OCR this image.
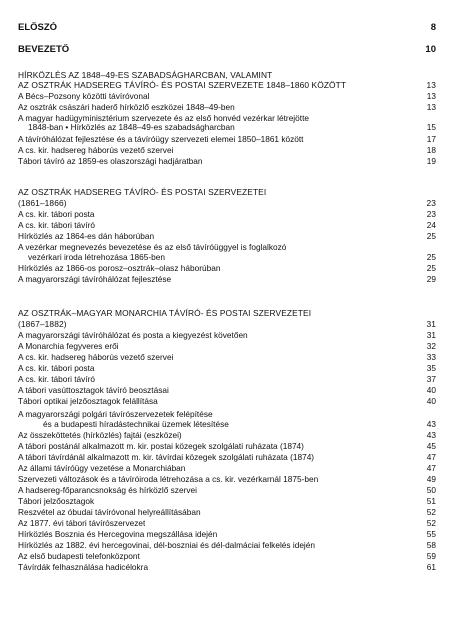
ELŐSZÓ	8
BEVEZETŐ	10
HÍRKÖZLÉS AZ 1848–49-ES SZABADSÁGHARCBAN, VALAMINT
AZ OSZTRÁK HADSEREG TÁVÍRÓ- ÉS POSTAI SZERVEZETE 1848–1860 KÖZÖTT	13
A Bécs–Pozsony közötti távíróvonal	13
Az osztrák császári haderő hírközlő eszközei 1848–49-ben	13
A magyar hadügyminisztérium szervezete és az első honvéd vezérkar létrejötte
1848-ban • Hírközlés az 1848–49-es szabadságharcban	15
A távíróhálózat fejlesztése és a távíróügy szervezeti elemei 1850–1861 között	17
A cs. kir. hadsereg háborús vezető szervei	18
Tábori távíró az 1859-es olaszországi hadjáratban	19
AZ OSZTRÁK HADSEREG TÁVÍRÓ- ÉS POSTAI SZERVEZETEI
(1861–1866)	23
A cs. kir. tábori posta	23
A cs. kir. tábori távíró	24
Hírközlés az 1864-es dán háborúban	25
A vezérkar megnevezés bevezetése és az első távíróüggyel is foglalkozó
vezérkari iroda létrehozása 1865-ben	25
Hírközlés az 1866-os porosz–osztrák–olasz háborúban	25
A magyarországi távíróhálózat fejlesztése	29
AZ OSZTRÁK–MAGYAR MONARCHIA TÁVÍRÓ- ÉS POSTAI SZERVEZETEI
(1867–1882)	31
A magyarországi távíróhálózat és posta a kiegyezést követően	31
A Monarchia fegyveres erői	32
A cs. kir. hadsereg háborús vezető szervei	33
A cs. kir. tábori posta	35
A cs. kir. tábori távíró	37
A tábori vasúttosztagok távíró beosztásai	40
Tábori optikai jelzőosztagok felállítása	40
A magyarországi polgári távírószervezetek felépítése
és a budapesti híradástechnikai üzemek létesítése	43
Az összeköttetés (hírközlés) fajtái (eszközei)	43
A tábori postánál alkalmazott m. kir. postai közegek szolgálati ruházata (1874)	45
A tábori távírdánál alkalmazott m. kir. távírdai közegek szolgálati ruházata (1874)	47
Az állami távíróügy vezetése a Monarchiában	47
Szervezeti változások és a távíróiroda létrehozása a cs. kir. vezérkarnál 1875-ben	49
A hadsereg-főparancsnokság és hírközlő szervei	50
Tábori jelzőosztagok	51
Reszvétel az óbudai távíróvonal helyreállításában	52
Az 1877. évi tábori távírószervezet	52
Hírközlés Bosznia és Hercegovina megszállása idején	55
Hírközlés az 1882. évi hercegovinai, dél-boszniai és dél-dalmáciai felkelés idején	58
Az első budapesti telefonközpont	59
Távírdák felhasználása hadicélokra	61
